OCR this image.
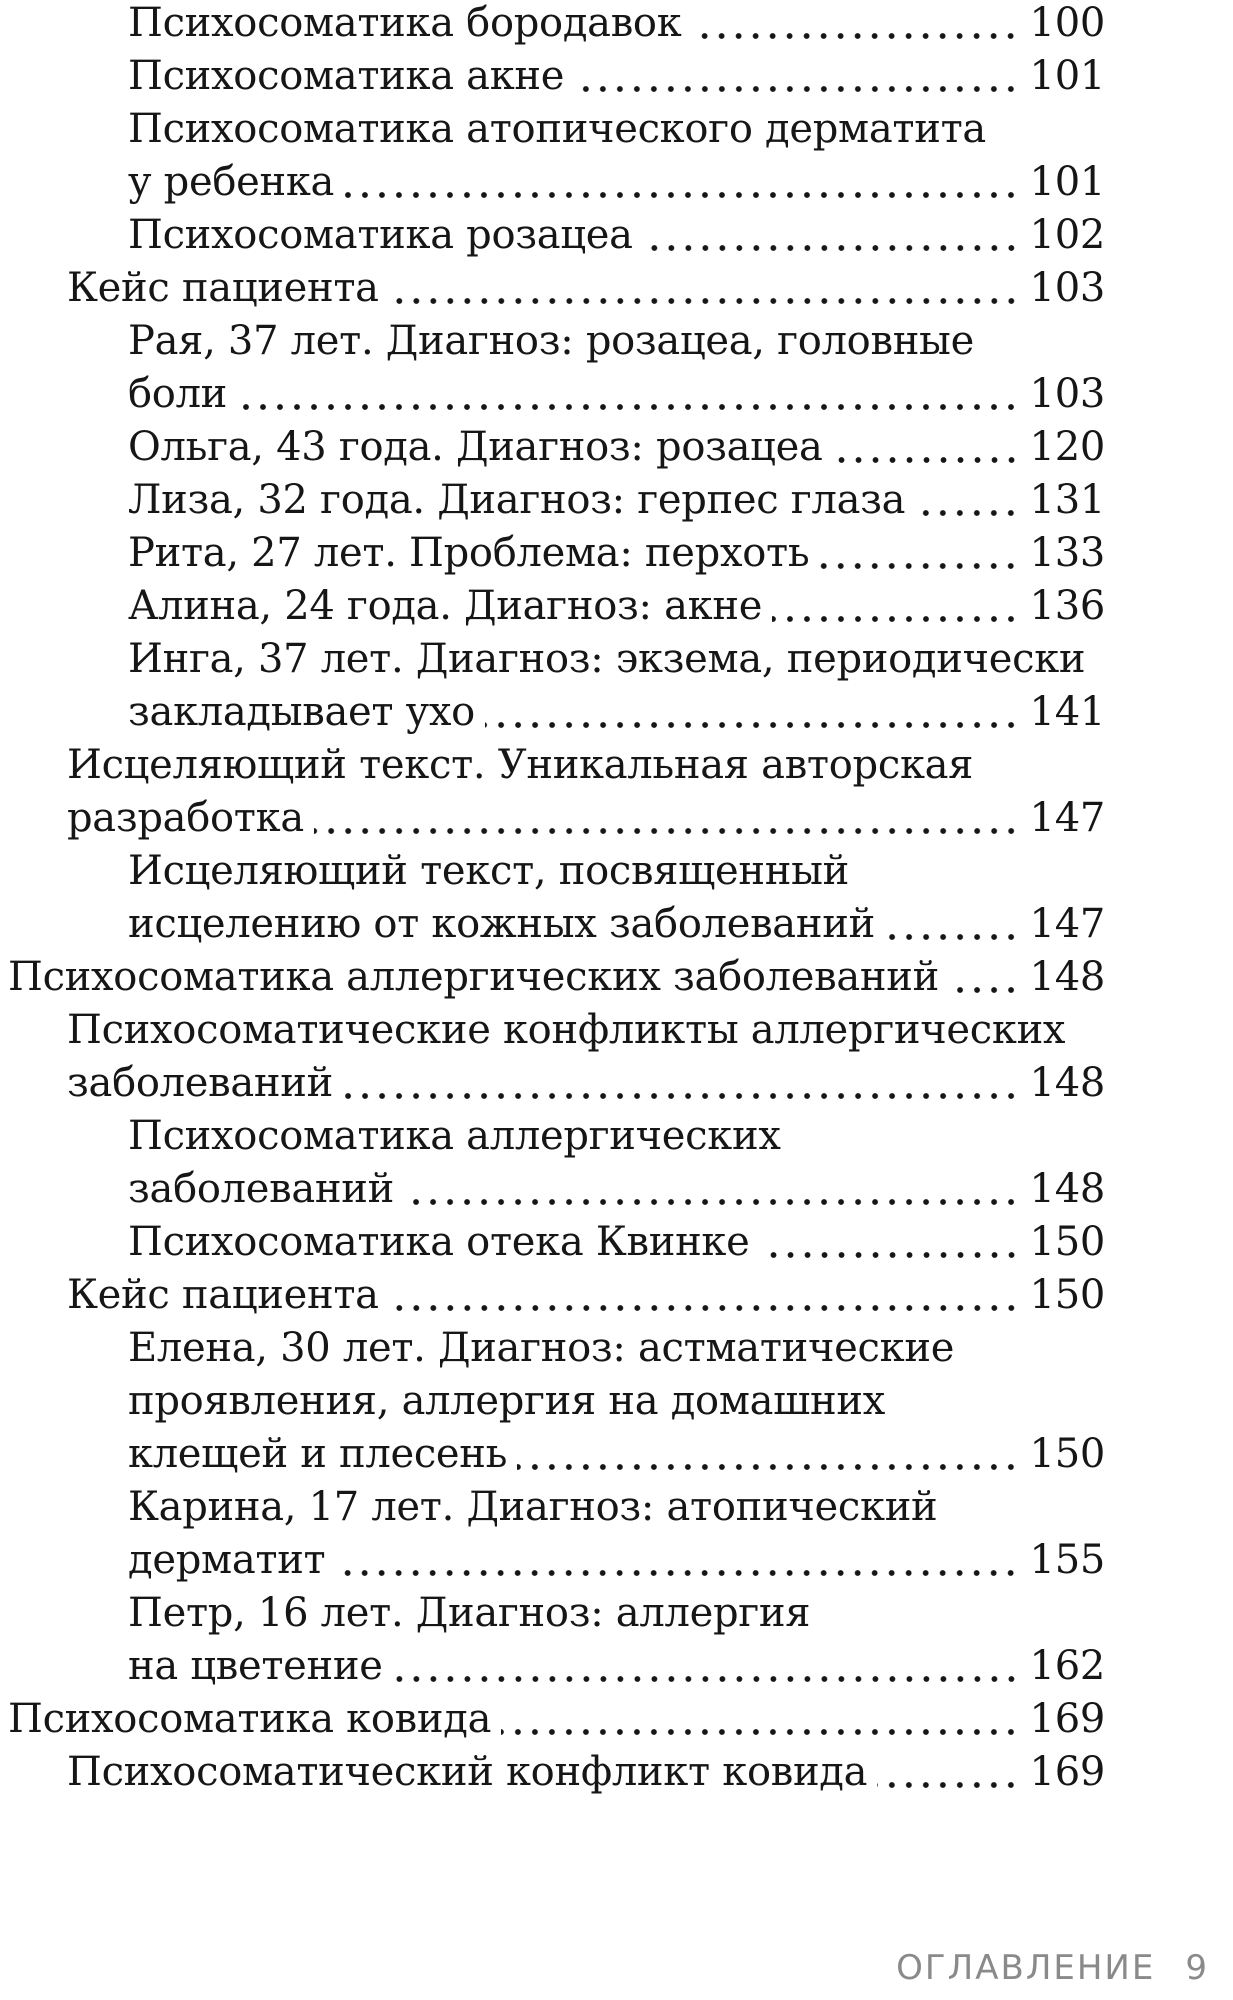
Психосоматика бородавок	100
Психосоматика акне	101
Психосоматика атопического дерматита
у ребенка	101
Психосоматика розацеа	102
Кейс пациента	103
Рая, 37 лет. Диагноз: розацеа, головные
боли	103
Ольга, 43 года. Диагноз: розацеа	120
Лиза, 32 года. Диагноз: герпес глаза	131
Рита, 27 лет. Проблема: перхоть	133
Алина, 24 года. Диагноз: акне	136
Инга, 37 лет. Диагноз: экзема, периодически
закладывает ухо	141
Исцеляющий текст. Уникальная авторская
разработка	147
Исцеляющий текст, посвященный
исцелению от кожных заболеваний	147
Психосоматика аллергических заболеваний 148
Психосоматические конфликты аллергических
заболеваний	148
Психосоматика аллергических
заболеваний	148
Психосоматика отека Квинке	150
Кейс пациента	150
Елена, 30 лет. Диагноз: астматические
проявления, аллергия на домашних
клещей и плесень	150
Карина, 17 лет. Диагноз: атопический
дерматит	155
Петр, 16 лет. Диагноз: аллергия
на цветение	162
Психосоматика ковида	169
Психосоматический конфликт ковида	169
ОГЛАВЛЕНИЕ 9
